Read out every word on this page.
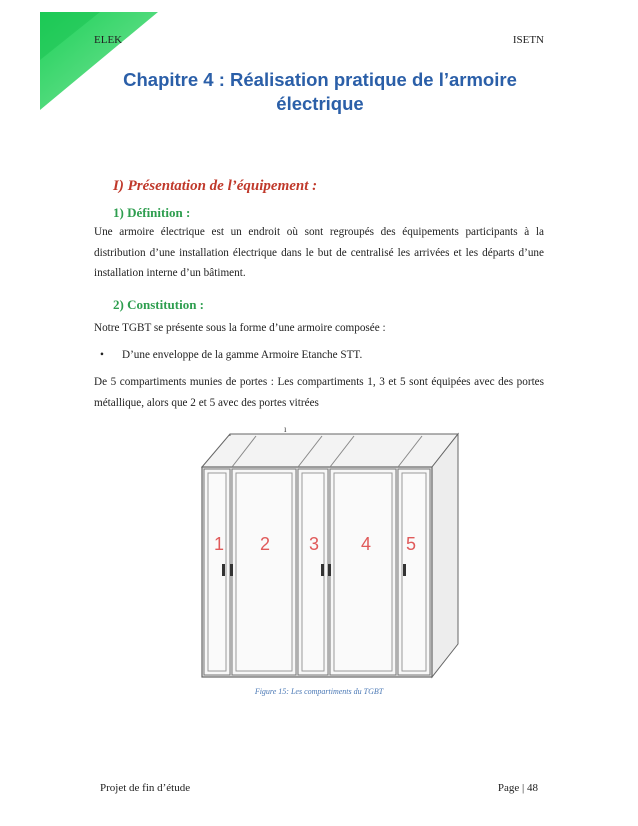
ELEK	ISETN
Chapitre 4 : Réalisation pratique de l’armoire
électrique
I) Présentation de l’équipement :
1) Définition :
Une armoire électrique est un endroit où sont regroupés des équipements participants à la distribution d’une installation électrique dans le but de centralisé les arrivées et les départs d’une installation interne d’un bâtiment.
2) Constitution :
Notre TGBT se présente sous la forme d’une armoire composée :
• D’une enveloppe de la gamme Armoire Etanche STT.
De 5 compartiments munies de portes : Les compartiments 1, 3 et 5 sont équipées avec des portes métallique, alors que 2 et 5 avec des portes vitrées
ı
1 2 3 4 5
Figure 15: Les compartiments du TGBT
Projet de fin d’étude	Page | 48
